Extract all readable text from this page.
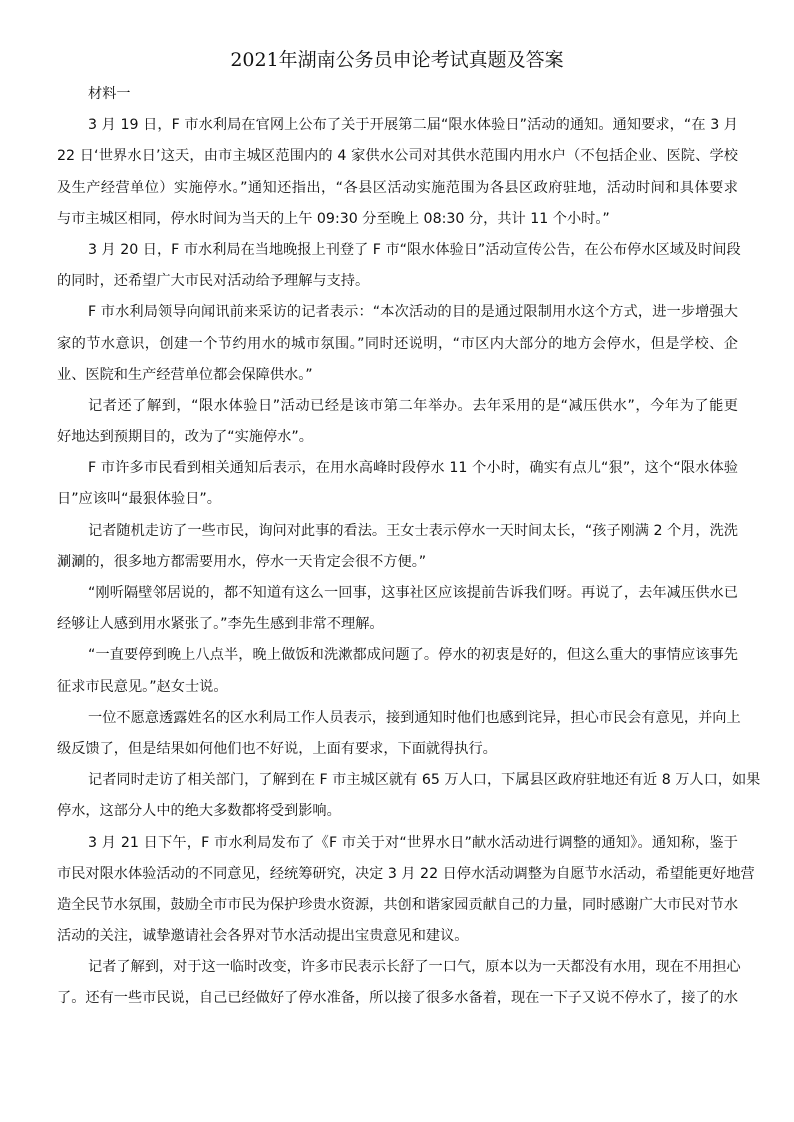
2021年湖南公务员申论考试真题及答案
材料一
3 月 19 日，F 市水利局在官网上公布了关于开展第二届“限水体验日”活动的通知。通知要求，“在 3 月
22 日‘世界水日’这天，由市主城区范围内的 4 家供水公司对其供水范围内用水户（不包括企业、医院、学校
及生产经营单位）实施停水。”通知还指出，“各县区活动实施范围为各县区政府驻地，活动时间和具体要求
与市主城区相同，停水时间为当天的上午 09:30 分至晚上 08:30 分，共计 11 个小时。”
3 月 20 日，F 市水利局在当地晚报上刊登了 F 市“限水体验日”活动宣传公告，在公布停水区域及时间段
的同时，还希望广大市民对活动给予理解与支持。
F 市水利局领导向闻讯前来采访的记者表示：“本次活动的目的是通过限制用水这个方式，进一步增强大
家的节水意识，创建一个节约用水的城市氛围。”同时还说明，“市区内大部分的地方会停水，但是学校、企
业、医院和生产经营单位都会保障供水。”
记者还了解到，“限水体验日”活动已经是该市第二年举办。去年采用的是“减压供水”，今年为了能更
好地达到预期目的，改为了“实施停水”。
F 市许多市民看到相关通知后表示，在用水高峰时段停水 11 个小时，确实有点儿“狠”，这个“限水体验
日”应该叫“最狠体验日”。
记者随机走访了一些市民，询问对此事的看法。王女士表示停水一天时间太长，“孩子刚满 2 个月，洗洗
涮涮的，很多地方都需要用水，停水一天肯定会很不方便。”
“刚听隔壁邻居说的，都不知道有这么一回事，这事社区应该提前告诉我们呀。再说了，去年减压供水已
经够让人感到用水紧张了。”李先生感到非常不理解。
“一直要停到晚上八点半，晚上做饭和洗漱都成问题了。停水的初衷是好的，但这么重大的事情应该事先
征求市民意见。”赵女士说。
一位不愿意透露姓名的区水利局工作人员表示，接到通知时他们也感到诧异，担心市民会有意见，并向上
级反馈了，但是结果如何他们也不好说，上面有要求，下面就得执行。
记者同时走访了相关部门，了解到在 F 市主城区就有 65 万人口，下属县区政府驻地还有近 8 万人口，如果
停水，这部分人中的绝大多数都将受到影响。
3 月 21 日下午，F 市水利局发布了《F 市关于对“世界水日”献水活动进行调整的通知》。通知称，鉴于
市民对限水体验活动的不同意见，经统筹研究，决定 3 月 22 日停水活动调整为自愿节水活动，希望能更好地营
造全民节水氛围，鼓励全市市民为保护珍贵水资源，共创和谐家园贡献自己的力量，同时感谢广大市民对节水
活动的关注，诚挚邀请社会各界对节水活动提出宝贵意见和建议。
记者了解到，对于这一临时改变，许多市民表示长舒了一口气，原本以为一天都没有水用，现在不用担心
了。还有一些市民说，自己已经做好了停水准备，所以接了很多水备着，现在一下子又说不停水了，接了的水
